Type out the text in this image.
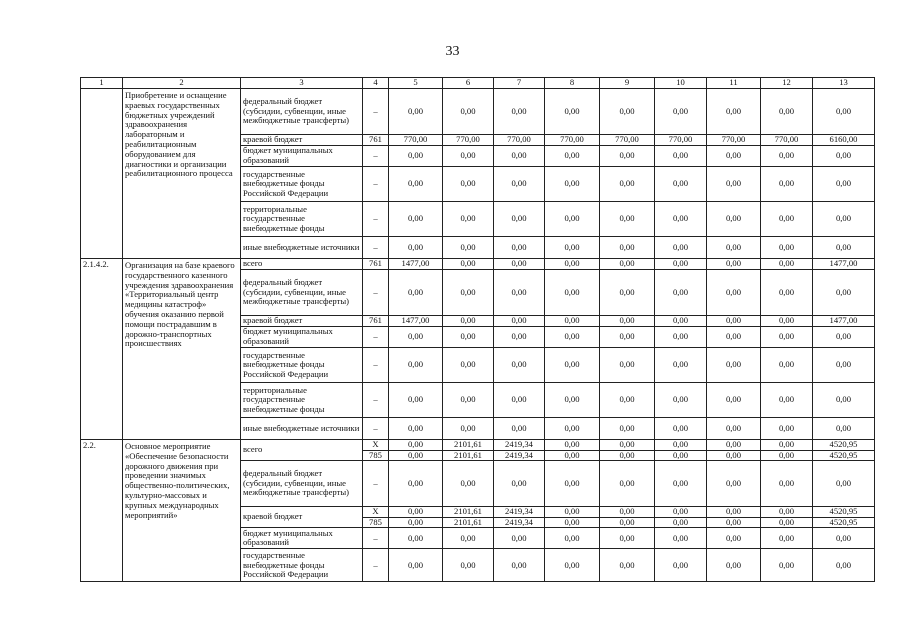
33
1	2	3	4	5	6	7	8	9	10	11	12	13
	Приобретение и оснащение краевых государственных бюджетных учреждений здравоохранения лабораторным и реабилитационным оборудованием для диагностики и организации реабилитационного процесса	федеральный бюджет (субсидии, субвенции, иные межбюджетные трансферты)	–	0,00	0,00	0,00	0,00	0,00	0,00	0,00	0,00	0,00
		краевой бюджет	761	770,00	770,00	770,00	770,00	770,00	770,00	770,00	770,00	6160,00
		бюджет муниципальных образований	–	0,00	0,00	0,00	0,00	0,00	0,00	0,00	0,00	0,00
		государственные внебюджетные фонды Российской Федерации	–	0,00	0,00	0,00	0,00	0,00	0,00	0,00	0,00	0,00
		территориальные государственные внебюджетные фонды	–	0,00	0,00	0,00	0,00	0,00	0,00	0,00	0,00	0,00
		иные внебюджетные источники	–	0,00	0,00	0,00	0,00	0,00	0,00	0,00	0,00	0,00
2.1.4.2.	Организация на базе краевого государственного казенного учреждения здравоохранения «Территориальный центр медицины катастроф» обучения оказанию первой помощи пострадавшим в дорожно-транспортных происшествиях	всего	761	1477,00	0,00	0,00	0,00	0,00	0,00	0,00	0,00	1477,00
		федеральный бюджет (субсидии, субвенции, иные межбюджетные трансферты)	–	0,00	0,00	0,00	0,00	0,00	0,00	0,00	0,00	0,00
		краевой бюджет	761	1477,00	0,00	0,00	0,00	0,00	0,00	0,00	0,00	1477,00
		бюджет муниципальных образований	–	0,00	0,00	0,00	0,00	0,00	0,00	0,00	0,00	0,00
		государственные внебюджетные фонды Российской Федерации	–	0,00	0,00	0,00	0,00	0,00	0,00	0,00	0,00	0,00
		территориальные государственные внебюджетные фонды	–	0,00	0,00	0,00	0,00	0,00	0,00	0,00	0,00	0,00
		иные внебюджетные источники	–	0,00	0,00	0,00	0,00	0,00	0,00	0,00	0,00	0,00
2.2.	Основное мероприятие «Обеспечение безопасности дорожного движения при проведении значимых общественно-политических, культурно-массовых и крупных международных мероприятий»	всего	X	0,00	2101,61	2419,34	0,00	0,00	0,00	0,00	0,00	4520,95
			785	0,00	2101,61	2419,34	0,00	0,00	0,00	0,00	0,00	4520,95
		федеральный бюджет (субсидии, субвенции, иные межбюджетные трансферты)	–	0,00	0,00	0,00	0,00	0,00	0,00	0,00	0,00	0,00
		краевой бюджет	X	0,00	2101,61	2419,34	0,00	0,00	0,00	0,00	0,00	4520,95
			785	0,00	2101,61	2419,34	0,00	0,00	0,00	0,00	0,00	4520,95
		бюджет муниципальных образований	–	0,00	0,00	0,00	0,00	0,00	0,00	0,00	0,00	0,00
		государственные внебюджетные фонды Российской Федерации	–	0,00	0,00	0,00	0,00	0,00	0,00	0,00	0,00	0,00
